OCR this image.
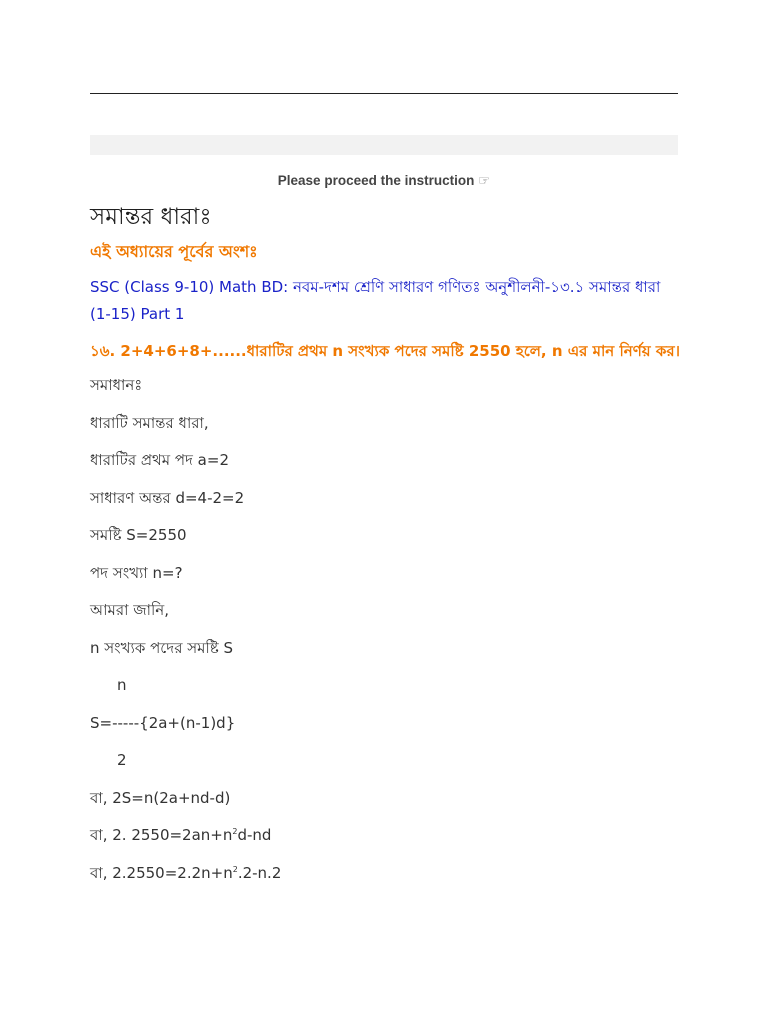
Please proceed the instruction ☞
সমান্তর ধারাঃ
এই অধ্যায়ের পূর্বের অংশঃ
SSC (Class 9-10) Math BD: নবম-দশম শ্রেণি সাধারণ গণিতঃ অনুশীলনী-১৩.১ সমান্তর ধারা (1-15) Part 1
১৬. 2+4+6+8+......ধারাটির প্রথম n সংখ্যক পদের সমষ্টি 2550 হলে, n এর মান নির্ণয় কর।
সমাধানঃ
ধারাটি সমান্তর ধারা,
ধারাটির প্রথম পদ a=2
সাধারণ অন্তর d=4-2=2
সমষ্টি S=2550
পদ সংখ্যা n=?
আমরা জানি,
n সংখ্যক পদের সমষ্টি S
n
S=-----{2a+(n-1)d}
2
বা, 2S=n(2a+nd-d)
বা, 2. $2550=2an+n^2d-nd$
বা, $2.2550=2.2n+n^2.2-n.2$
